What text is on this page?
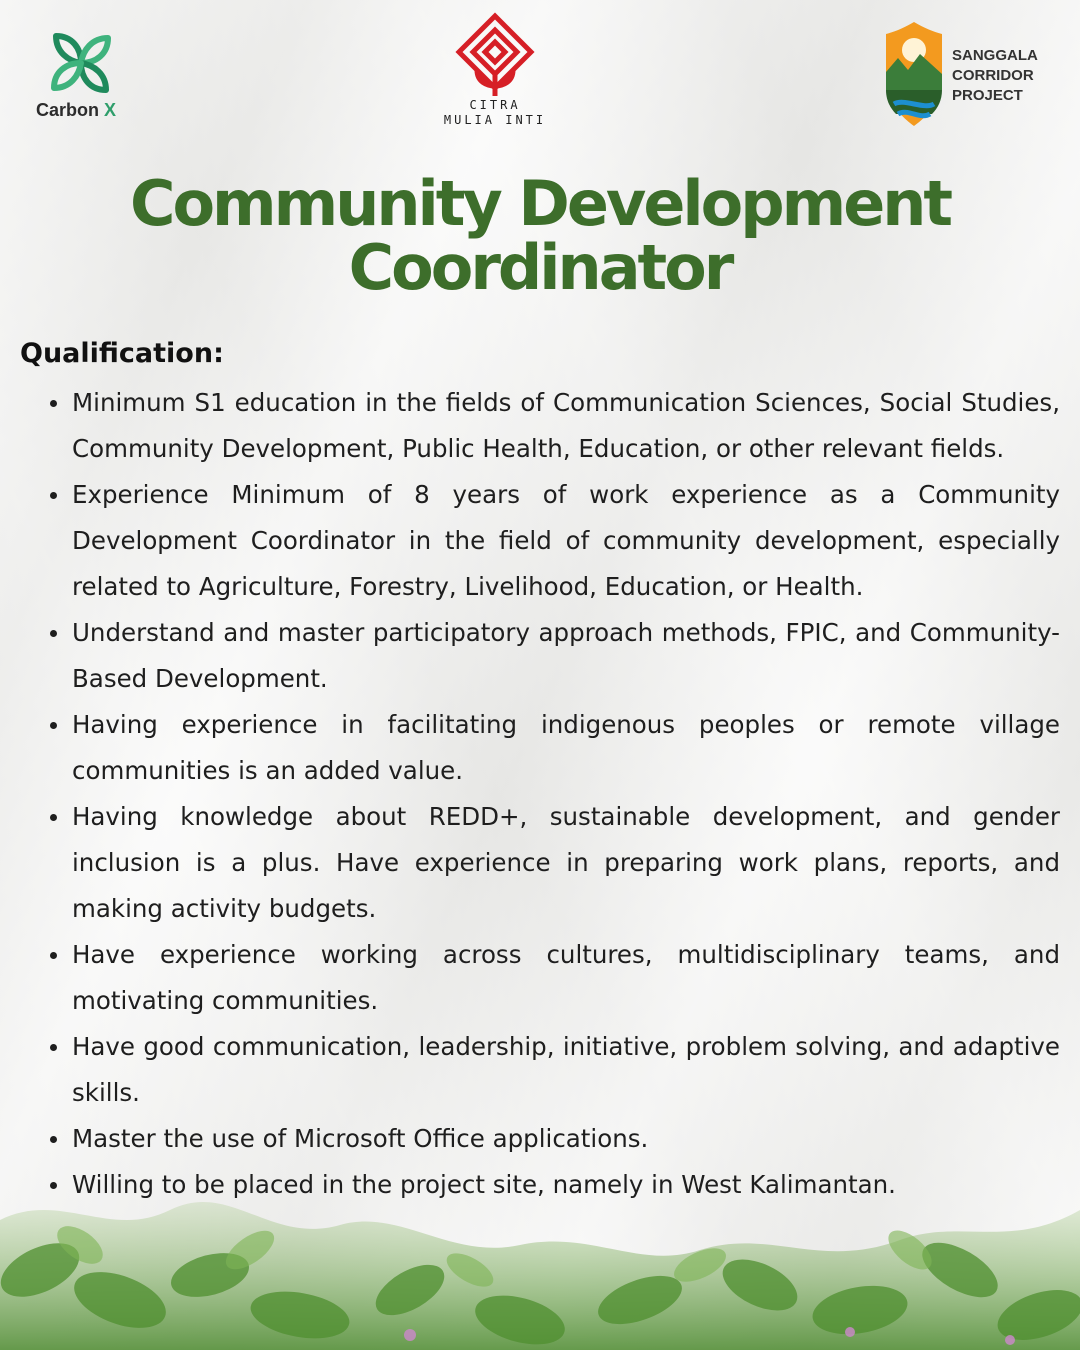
Carbon X	CITRA
MULIA INTI
SANGGALA
CORRIDOR
PROJECT
Community Development
Coordinator
Qualification:
Minimum S1 education in the fields of Communication Sciences, Social Studies, Community Development, Public Health, Education, or other relevant fields.
Experience Minimum of 8 years of work experience as a Community Development Coordinator in the field of community development, especially related to Agriculture, Forestry, Livelihood, Education, or Health.
Understand and master participatory approach methods, FPIC, and Community-Based Development.
Having experience in facilitating indigenous peoples or remote village communities is an added value.
Having knowledge about REDD+, sustainable development, and gender inclusion is a plus. Have experience in preparing work plans, reports, and making activity budgets.
Have experience working across cultures, multidisciplinary teams, and motivating communities.
Have good communication, leadership, initiative, problem solving, and adaptive skills.
Master the use of Microsoft Office applications.
Willing to be placed in the project site, namely in West Kalimantan.
